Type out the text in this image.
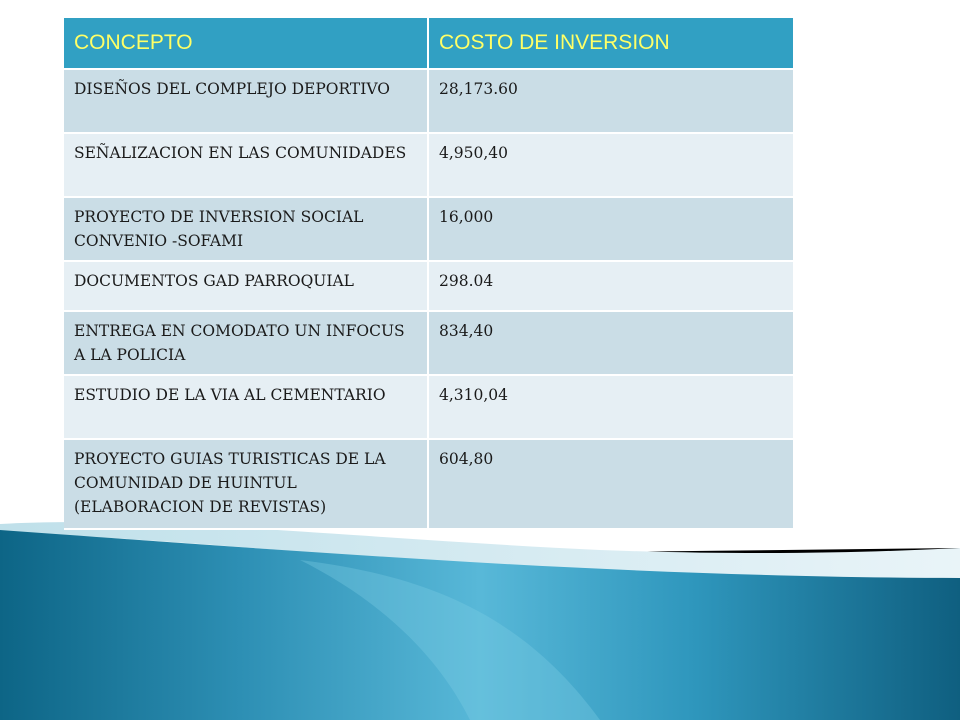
CONCEPTO	COSTO DE INVERSION
DISEÑOS DEL COMPLEJO DEPORTIVO	28,173.60
SEÑALIZACION EN LAS COMUNIDADES	4,950,40
PROYECTO DE INVERSION SOCIAL CONVENIO -SOFAMI	16,000
DOCUMENTOS GAD PARROQUIAL	298.04
ENTREGA EN COMODATO UN INFOCUS A LA POLICIA	834,40
ESTUDIO DE LA VIA AL CEMENTARIO	4,310,04
PROYECTO GUIAS TURISTICAS DE LA COMUNIDAD DE HUINTUL (ELABORACION DE REVISTAS)	604,80
